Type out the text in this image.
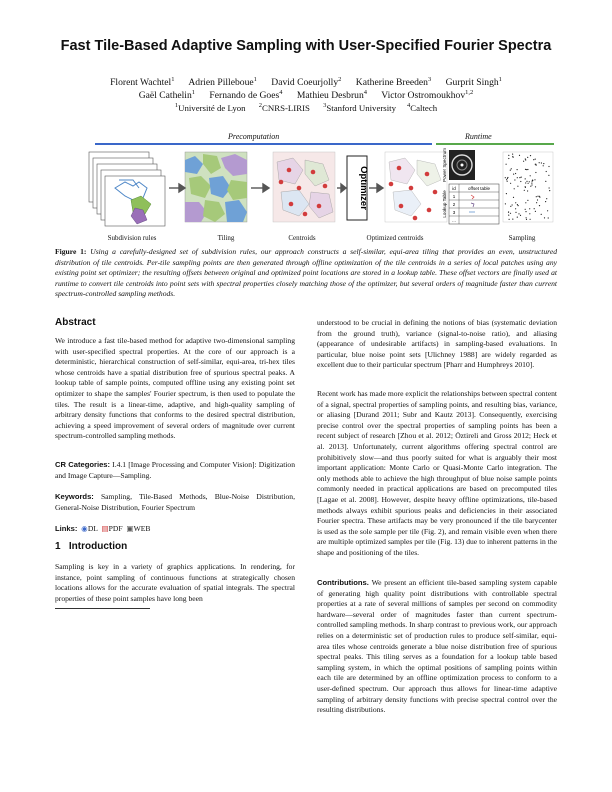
Fast Tile-Based Adaptive Sampling with User-Specified Fourier Spectra
Florent Wachtel$^1$ Adrien Pilleboue$^1$ David Coeurjolly$^2$ Katherine Breeden$^3$ Gurprit Singh$^1$
Gaël Cathelin$^1$ Fernando de Goes$^4$ Mathieu Desbrun$^4$ Victor Ostromoukhov$^{1,2}$
$^1$Université de Lyon $^2$CNRS-LIRIS $^3$Stanford University $^4$Caltech
Precomputation	Runtime
Optimizer
Power Spectrum
id	offset table
1
2
3
...
Lookup Table
Subdivision rules	Tiling	Centroids	Optimized centroids	Sampling
Figure 1: Using a carefully-designed set of subdivision rules, our approach constructs a self-similar, equi-area tiling that provides an even, unstructured distribution of tile centroids. Per-tile sampling points are then generated through offline optimization of the tile centroids in a series of local patches using any existing point set optimizer; the resulting offsets between original and optimized point locations are stored in a lookup table. These offset vectors are finally used at runtime to convert tile centroids into point sets with spectral properties closely matching those of the optimizer, but several orders of magnitude faster than current spectrum-controlled sampling methods.
Abstract

We introduce a fast tile-based method for adaptive two-dimensional sampling with user-specified spectral properties. At the core of our approach is a deterministic, hierarchical construction of self-similar, equi-area, tri-hex tiles whose centroids have a spatial distribution free of spurious spectral peaks. A lookup table of sample points, computed offline using any existing point set optimizer to shape the samples' Fourier spectrum, is then used to populate the tiles. The result is a linear-time, adaptive, and high-quality sampling of arbitrary density functions that conforms to the desired spectral distribution, achieving a speed improvement of several orders of magnitude over current spectrum-controlled sampling methods.

CR Categories: I.4.1 [Image Processing and Computer Vision]: Digitization and Image Capture—Sampling.

Keywords: Sampling, Tile-Based Methods, Blue-Noise Distribution, General-Noise Distribution, Fourier Spectrum

Links: ◉DL ▤PDF ▣WEB

1 Introduction

Sampling is key in a variety of graphics applications. In rendering, for instance, point sampling of continuous functions at strategically chosen locations allows for the accurate evaluation of spatial integrals. The spectral properties of these point samples have long been

understood to be crucial in defining the notions of bias (systematic deviation from the ground truth), variance (signal-to-noise ratio), and aliasing (appearance of undesirable artifacts) in sampling-based evaluations. In particular, blue noise point sets [Ulichney 1988] are widely regarded as excellent due to their particular spectrum [Pharr and Humphreys 2010].

Recent work has made more explicit the relationships between spectral content of a signal, spectral properties of sampling points, and resulting bias, variance, or aliasing [Durand 2011; Subr and Kautz 2013]. Consequently, exercising precise control over the spectral properties of sampling points has been a recent subject of research [Zhou et al. 2012; Öztireli and Gross 2012; Heck et al. 2013]. Unfortunately, current algorithms offering spectral control are prohibitively slow—and thus poorly suited for what is arguably their most important application: Monte Carlo or Quasi-Monte Carlo integration. The only methods able to achieve the high throughput of blue noise sample points commonly needed in practical applications are based on precomputed tiles [Lagae et al. 2008]. However, despite heavy offline optimizations, tile-based methods always exhibit spurious peaks and deficiencies in their associated Fourier spectra. These artifacts may be very pronounced if the tile barycenter is used as the sole sample per tile (Fig. 2), and remain visible even when there are multiple optimized samples per tile (Fig. 13) due to inherent patterns in the shape and positioning of the tiles.

Contributions. We present an efficient tile-based sampling system capable of generating high quality point distributions with controllable spectral properties at a rate of several millions of samples per second on commodity hardware—several order of magnitudes faster than current spectrum-controlled sampling methods. In sharp contrast to previous work, our approach relies on a deterministic set of production rules to produce self-similar, equi-area tiles whose centroids generate a blue noise distribution free of spurious spectral peaks. This tiling serves as a foundation for a lookup table based sampling system, in which the optimal positions of sampling points within each tile are determined by an offline optimization process to conform to a user-defined spectrum. Our approach thus allows for linear-time adaptive sampling of arbitrary density functions with precise spectral control over the resulting distributions.
